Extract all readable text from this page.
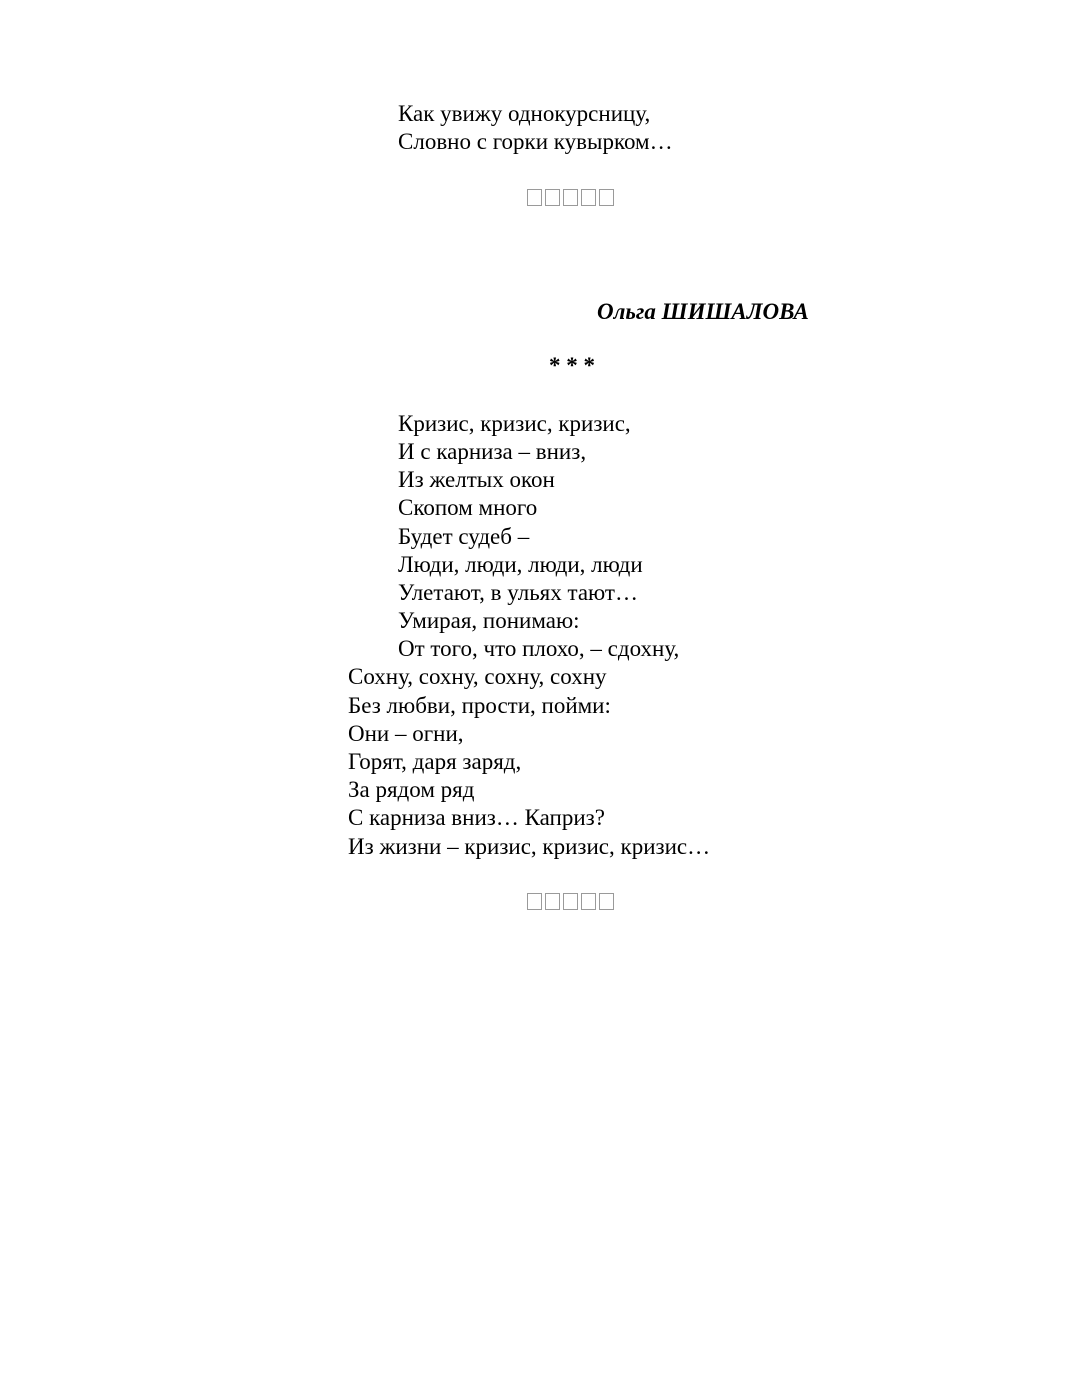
Как увижу однокурсницу,
Словно с горки кувырком…
Ольга ШИШАЛОВА
* * *
Кризис, кризис, кризис,
И с карниза – вниз,
Из желтых окон
Скопом много
Будет судеб –
Люди, люди, люди, люди
Улетают, в ульях тают…
Умирая, понимаю:
От того, что плохо, – сдохну,
Сохну, сохну, сохну, сохну
Без любви, прости, пойми:
Они – огни,
Горят, даря заряд,
За рядом ряд
С карниза вниз… Каприз?
Из жизни – кризис, кризис, кризис…
